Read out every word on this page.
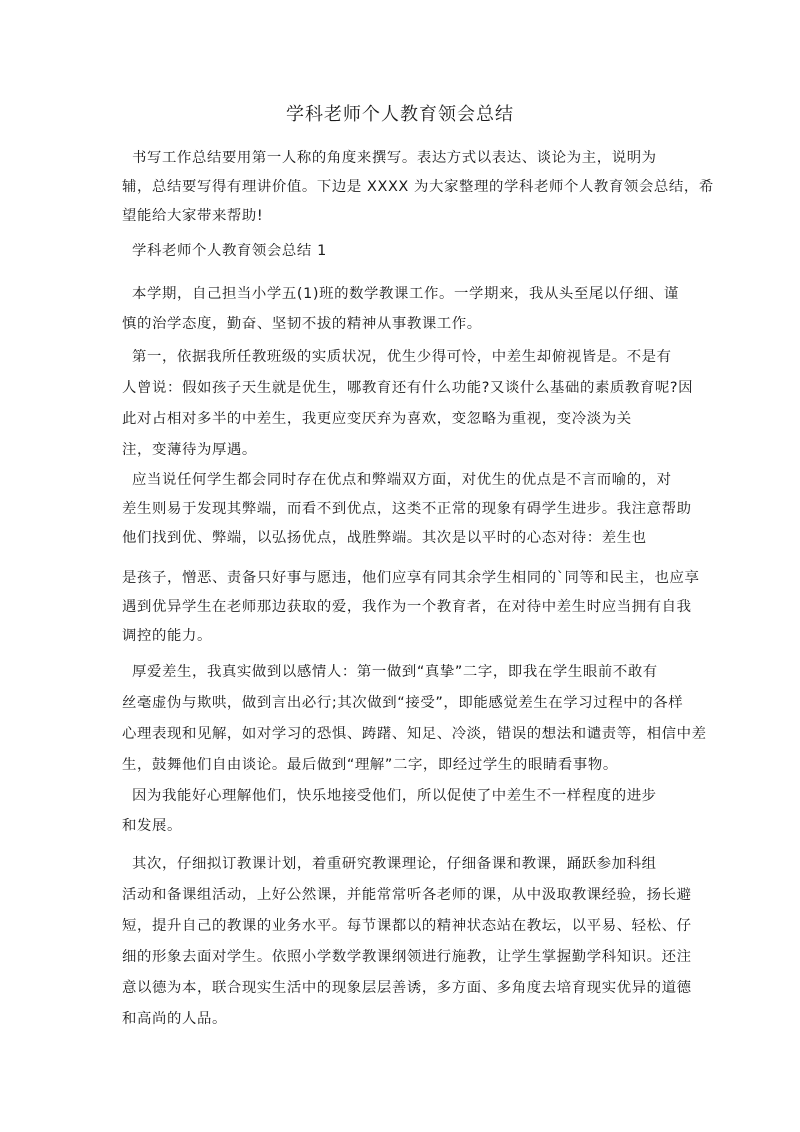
学科老师个人教育领会总结
书写工作总结要用第一人称的角度来撰写。表达方式以表达、谈论为主，说明为
辅，总结要写得有理讲价值。下边是 XXXX 为大家整理的学科老师个人教育领会总结，希
望能给大家带来帮助!
学科老师个人教育领会总结 1
本学期，自己担当小学五(1)班的数学教课工作。一学期来，我从头至尾以仔细、谨
慎的治学态度，勤奋、坚韧不拔的精神从事教课工作。
第一，依据我所任教班级的实质状况，优生少得可怜，中差生却俯视皆是。不是有
人曾说：假如孩子天生就是优生，哪教育还有什么功能?又谈什么基础的素质教育呢?因
此对占相对多半的中差生，我更应变厌弃为喜欢，变忽略为重视，变冷淡为关
注，变薄待为厚遇。
应当说任何学生都会同时存在优点和弊端双方面，对优生的优点是不言而喻的，对
差生则易于发现其弊端，而看不到优点，这类不正常的现象有碍学生进步。我注意帮助
他们找到优、弊端，以弘扬优点，战胜弊端。其次是以平时的心态对待：差生也
是孩子，憎恶、责备只好事与愿违，他们应享有同其余学生相同的`同等和民主，也应享
遇到优异学生在老师那边获取的爱，我作为一个教育者，在对待中差生时应当拥有自我
调控的能力。
厚爱差生，我真实做到以感情人：第一做到“真挚”二字，即我在学生眼前不敢有
丝毫虚伪与欺哄，做到言出必行;其次做到“接受”，即能感觉差生在学习过程中的各样
心理表现和见解，如对学习的恐惧、踌躇、知足、冷淡，错误的想法和谴责等，相信中差
生，鼓舞他们自由谈论。最后做到“理解”二字，即经过学生的眼睛看事物。
因为我能好心理解他们，快乐地接受他们，所以促使了中差生不一样程度的进步
和发展。
其次，仔细拟订教课计划，着重研究教课理论，仔细备课和教课，踊跃参加科组
活动和备课组活动，上好公然课，并能常常听各老师的课，从中汲取教课经验，扬长避
短，提升自己的教课的业务水平。每节课都以的精神状态站在教坛，以平易、轻松、仔
细的形象去面对学生。依照小学数学教课纲领进行施教，让学生掌握勤学科知识。还注
意以德为本，联合现实生活中的现象层层善诱，多方面、多角度去培育现实优异的道德
和高尚的人品。
